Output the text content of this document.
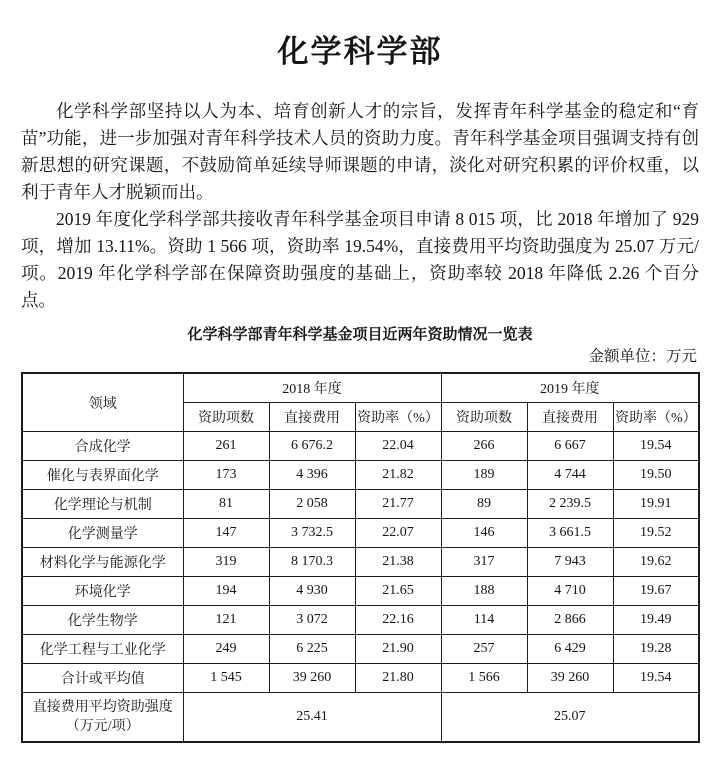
化学科学部

化学科学部坚持以人为本、培育创新人才的宗旨，发挥青年科学基金的稳定和“育苗”功能，进一步加强对青年科学技术人员的资助力度。青年科学基金项目强调支持有创新思想的研究课题，不鼓励简单延续导师课题的申请，淡化对研究积累的评价权重，以利于青年人才脱颖而出。

2019 年度化学科学部共接收青年科学基金项目申请 8 015 项，比 2018 年增加了 929 项，增加 13.11%。资助 1 566 项，资助率 19.54%，直接费用平均资助强度为 25.07 万元/项。2019 年化学科学部在保障资助强度的基础上，资助率较 2018 年降低 2.26 个百分点。

化学科学部青年科学基金项目近两年资助情况一览表
金额单位：万元
领域	2018 年度			2019 年度		
	资助项数	直接费用	资助率（%）	资助项数	直接费用	资助率（%）
合成化学	261	6 676.2	22.04	266	6 667	19.54
催化与表界面化学	173	4 396	21.82	189	4 744	19.50
化学理论与机制	81	2 058	21.77	89	2 239.5	19.91
化学测量学	147	3 732.5	22.07	146	3 661.5	19.52
材料化学与能源化学	319	8 170.3	21.38	317	7 943	19.62
环境化学	194	4 930	21.65	188	4 710	19.67
化学生物学	121	3 072	22.16	114	2 866	19.49
化学工程与工业化学	249	6 225	21.90	257	6 429	19.28
合计或平均值	1 545	39 260	21.80	1 566	39 260	19.54

直接费用平均资助强度
（万元/项）	25.41			25.07		
